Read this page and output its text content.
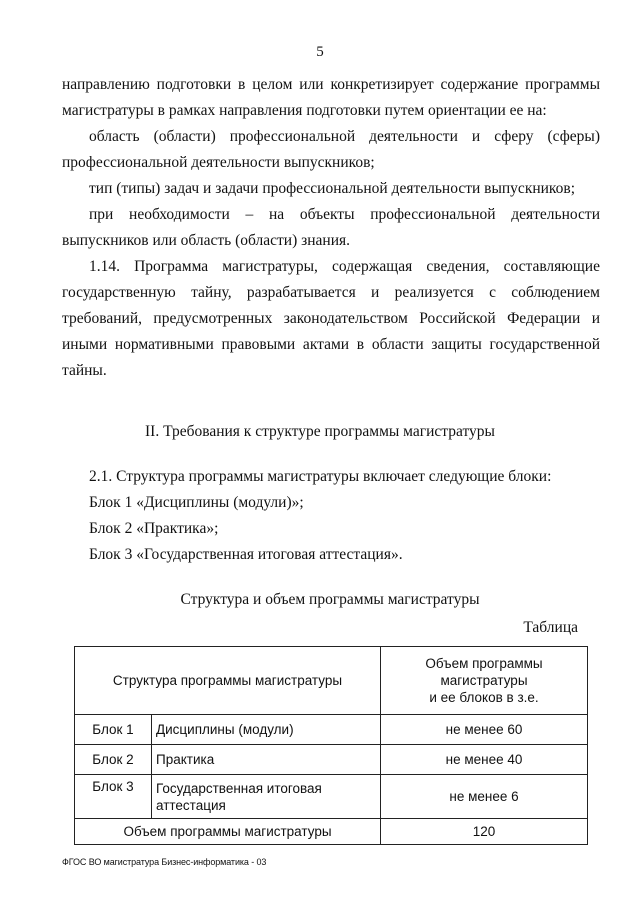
5
направлению подготовки в целом или конкретизирует содержание программы магистратуры в рамках направления подготовки путем ориентации ее на:
область (области) профессиональной деятельности и сферу (сферы) профессиональной деятельности выпускников;
тип (типы) задач и задачи профессиональной деятельности выпускников;
при необходимости – на объекты профессиональной деятельности выпускников или область (области) знания.
1.14. Программа магистратуры, содержащая сведения, составляющие государственную тайну, разрабатывается и реализуется с соблюдением требований, предусмотренных законодательством Российской Федерации и иными нормативными правовыми актами в области защиты государственной тайны.
II. Требования к структуре программы магистратуры
2.1. Структура программы магистратуры включает следующие блоки:
Блок 1 «Дисциплины (модули)»;
Блок 2 «Практика»;
Блок 3 «Государственная итоговая аттестация».
Структура и объем программы магистратуры
Таблица
Структура программы магистратуры		Объем программы
магистратуры
и ее блоков в з.е.

Блок 1	Дисциплины (модули)	не менее 60
Блок 2	Практика	не менее 40
Блок 3	Государственная итоговая аттестация	не менее 6
Объем программы магистратуры		120
ФГОС ВО магистратура Бизнес-информатика - 03
